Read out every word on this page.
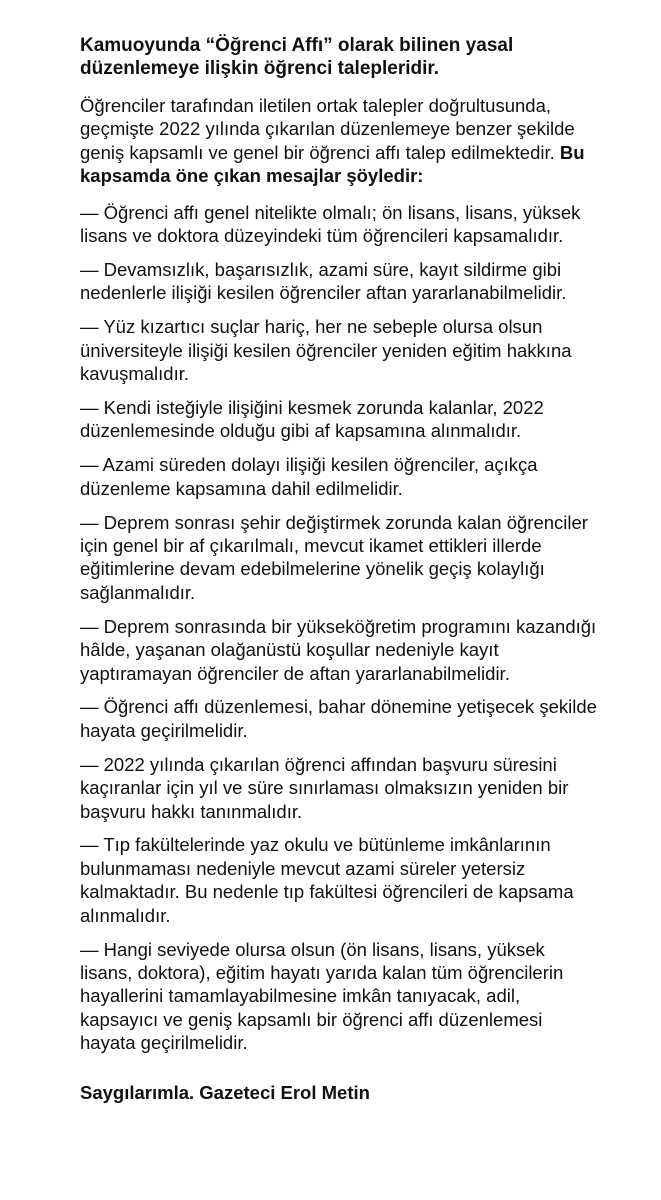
Kamuoyunda “Öğrenci Affı” olarak bilinen yasal düzenlemeye ilişkin öğrenci talepleridir.
Öğrenciler tarafından iletilen ortak talepler doğrultusunda, geçmişte 2022 yılında çıkarılan düzenlemeye benzer şekilde geniş kapsamlı ve genel bir öğrenci affı talep edilmektedir. Bu kapsamda öne çıkan mesajlar şöyledir:
— Öğrenci affı genel nitelikte olmalı; ön lisans, lisans, yüksek lisans ve doktora düzeyindeki tüm öğrencileri kapsamalıdır.
— Devamsızlık, başarısızlık, azami süre, kayıt sildirme gibi nedenlerle ilişiği kesilen öğrenciler aftan yararlanabilmelidir.
— Yüz kızartıcı suçlar hariç, her ne sebeple olursa olsun üniversiteyle ilişiği kesilen öğrenciler yeniden eğitim hakkına kavuşmalıdır.
— Kendi isteğiyle ilişiğini kesmek zorunda kalanlar, 2022 düzenlemesinde olduğu gibi af kapsamına alınmalıdır.
— Azami süreden dolayı ilişiği kesilen öğrenciler, açıkça düzenleme kapsamına dahil edilmelidir.
— Deprem sonrası şehir değiştirmek zorunda kalan öğrenciler için genel bir af çıkarılmalı, mevcut ikamet ettikleri illerde eğitimlerine devam edebilmelerine yönelik geçiş kolaylığı sağlanmalıdır.
— Deprem sonrasında bir yükseköğretim programını kazandığı hâlde, yaşanan olağanüstü koşullar nedeniyle kayıt yaptıramayan öğrenciler de aftan yararlanabilmelidir.
— Öğrenci affı düzenlemesi, bahar dönemine yetişecek şekilde hayata geçirilmelidir.
— 2022 yılında çıkarılan öğrenci affından başvuru süresini kaçıranlar için yıl ve süre sınırlaması olmaksızın yeniden bir başvuru hakkı tanınmalıdır.
— Tıp fakültelerinde yaz okulu ve bütünleme imkânlarının bulunmaması nedeniyle mevcut azami süreler yetersiz kalmaktadır. Bu nedenle tıp fakültesi öğrencileri de kapsama alınmalıdır.
— Hangi seviyede olursa olsun (ön lisans, lisans, yüksek lisans, doktora), eğitim hayatı yarıda kalan tüm öğrencilerin hayallerini tamamlayabilmesine imkân tanıyacak, adil, kapsayıcı ve geniş kapsamlı bir öğrenci affı düzenlemesi hayata geçirilmelidir.
Saygılarımla. Gazeteci Erol Metin
